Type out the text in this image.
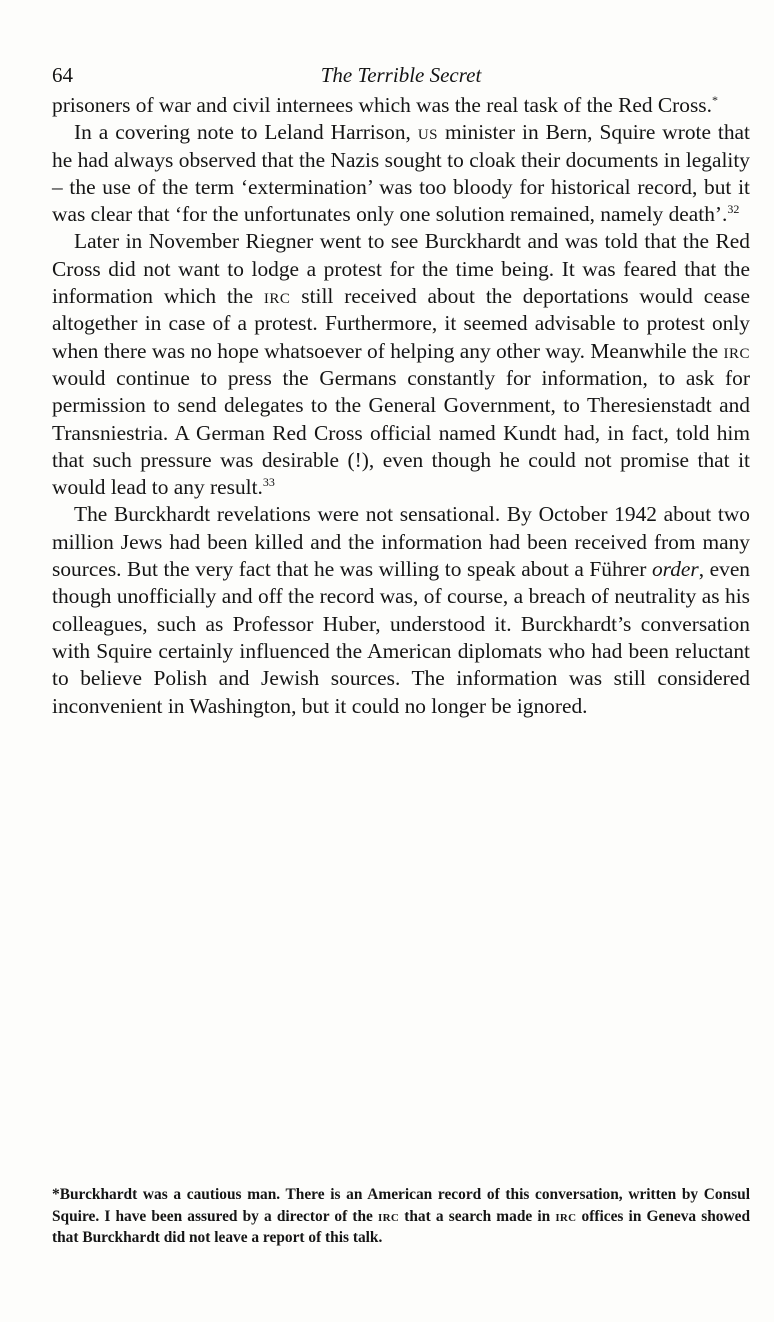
64	The Terrible Secret

prisoners of war and civil internees which was the real task of the Red Cross.*

In a covering note to Leland Harrison, us minister in Bern, Squire wrote that he had always observed that the Nazis sought to cloak their documents in legality – the use of the term ‘extermination’ was too bloody for historical record, but it was clear that ‘for the unfortunates only one solution remained, namely death’.$^{32}$

Later in November Riegner went to see Burckhardt and was told that the Red Cross did not want to lodge a protest for the time being. It was feared that the information which the irc still received about the deportations would cease altogether in case of a protest. Furthermore, it seemed advisable to protest only when there was no hope whatsoever of helping any other way. Meanwhile the irc would continue to press the Germans constantly for information, to ask for permission to send delegates to the General Government, to Theresienstadt and Transniestria. A German Red Cross official named Kundt had, in fact, told him that such pressure was desirable (!), even though he could not promise that it would lead to any result.$^{33}$

The Burckhardt revelations were not sensational. By October 1942 about two million Jews had been killed and the information had been received from many sources. But the very fact that he was willing to speak about a Führer order, even though unofficially and off the record was, of course, a breach of neutrality as his colleagues, such as Professor Huber, understood it. Burckhardt’s conversation with Squire certainly influenced the American diplomats who had been reluctant to believe Polish and Jewish sources. The information was still considered inconvenient in Washington, but it could no longer be ignored.

*Burckhardt was a cautious man. There is an American record of this conversation, written by Consul Squire. I have been assured by a director of the irc that a search made in irc offices in Geneva showed that Burckhardt did not leave a report of this talk.
